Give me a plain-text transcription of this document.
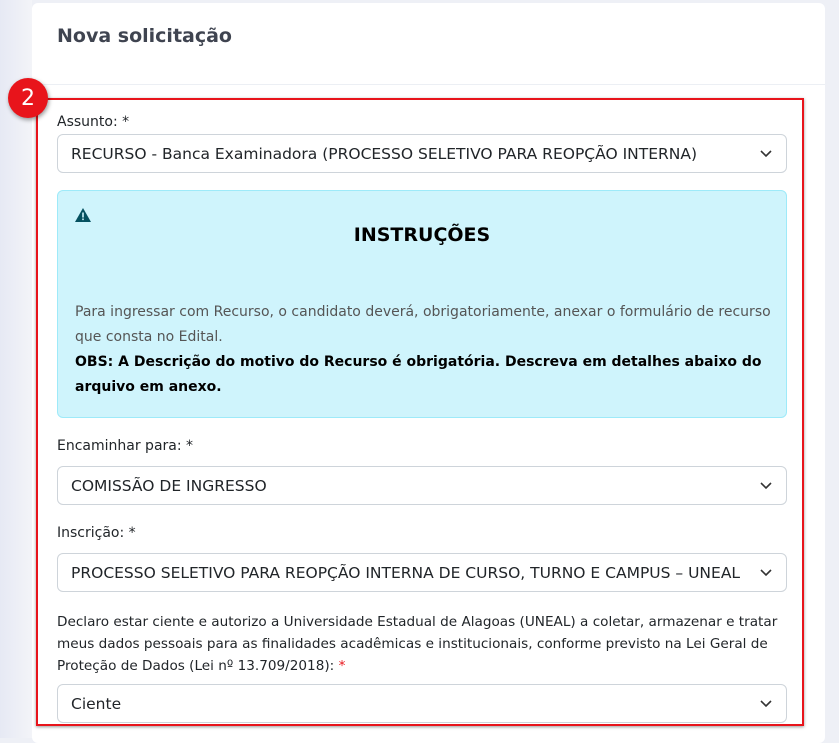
Nova solicitação
2
Assunto: *
RECURSO - Banca Examinadora (PROCESSO SELETIVO PARA REOPÇÃO INTERNA)
INSTRUÇÕES

Para ingressar com Recurso, o candidato deverá, obrigatoriamente, anexar o formulário de recurso que consta no Edital.

OBS: A Descrição do motivo do Recurso é obrigatória. Descreva em detalhes abaixo do arquivo em anexo.

Encaminhar para: *
COMISSÃO DE INGRESSO
Inscrição: *
PROCESSO SELETIVO PARA REOPÇÃO INTERNA DE CURSO, TURNO E CAMPUS – UNEAL
Declaro estar ciente e autorizo a Universidade Estadual de Alagoas (UNEAL) a coletar, armazenar e tratar meus dados pessoais para as finalidades acadêmicas e institucionais, conforme previsto na Lei Geral de Proteção de Dados (Lei nº 13.709/2018): *
Ciente
